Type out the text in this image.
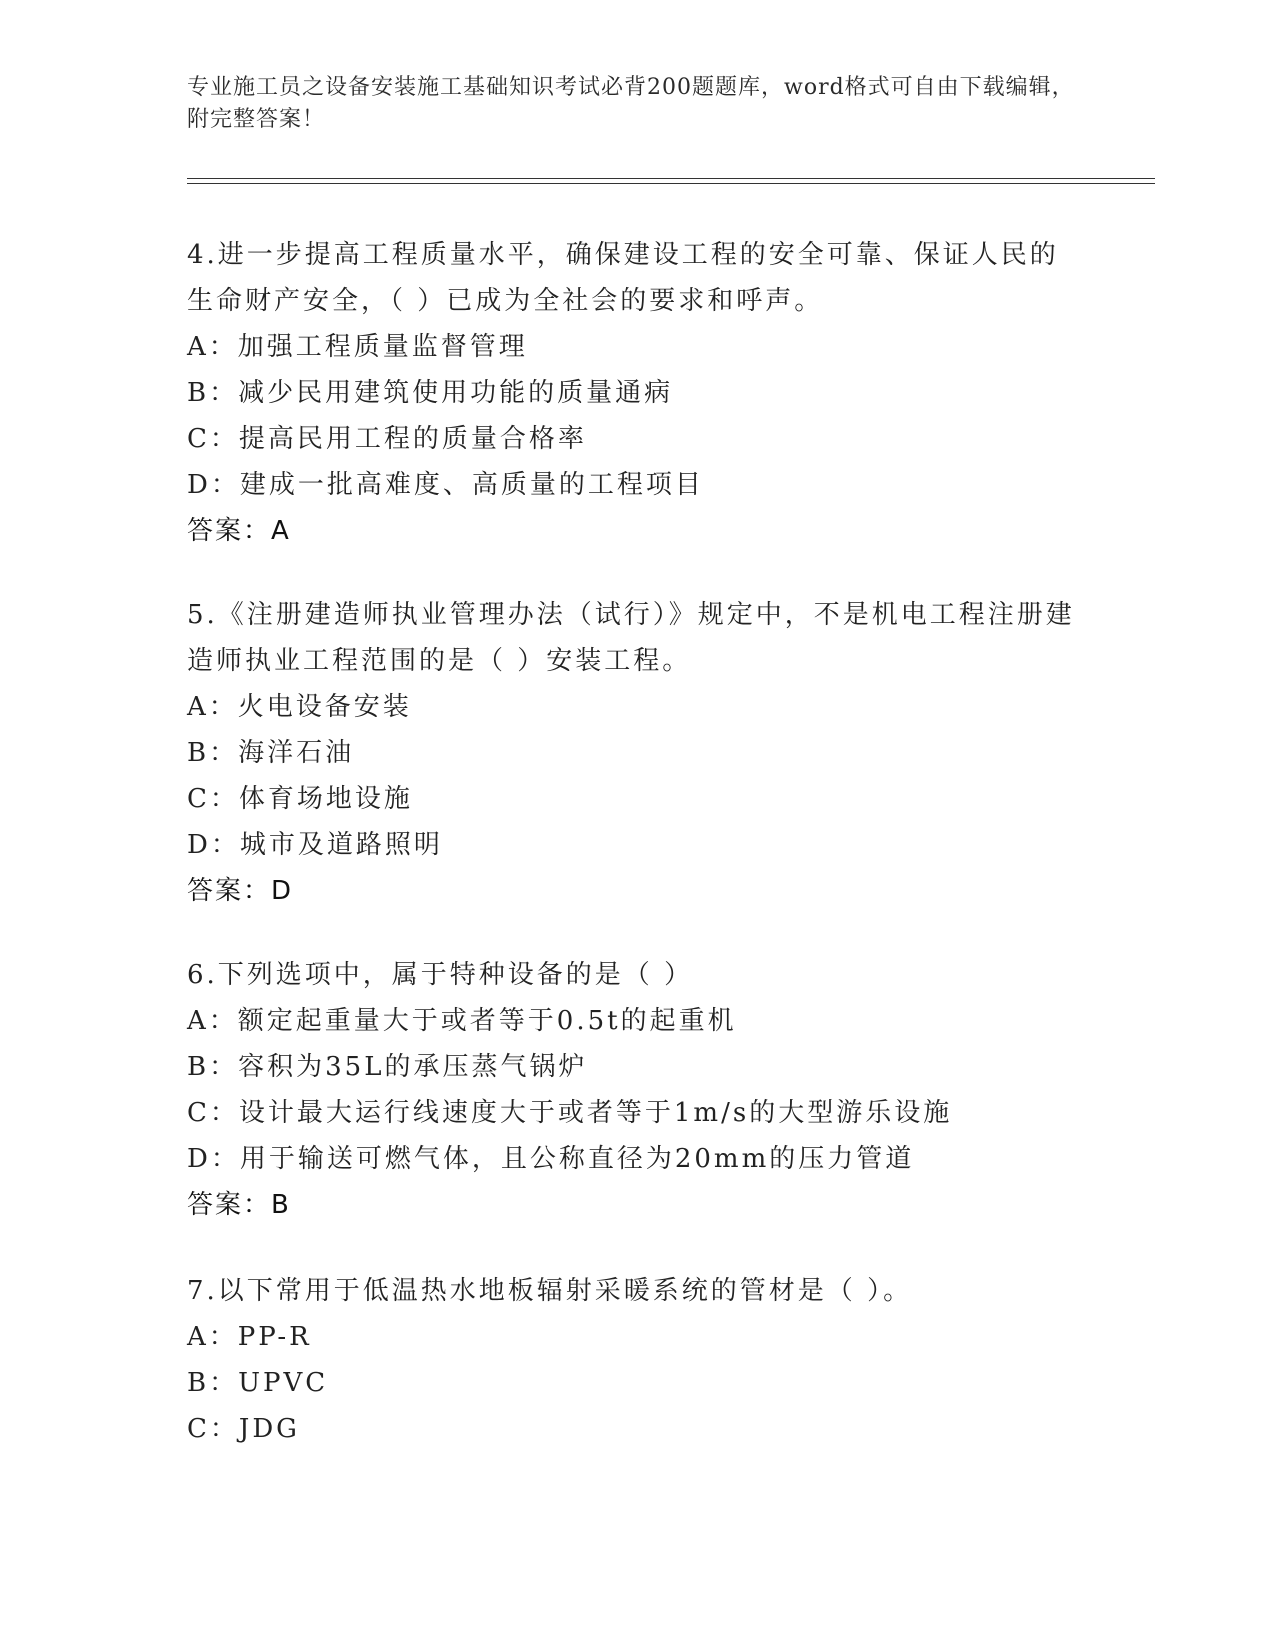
专业施工员之设备安装施工基础知识考试必背200题题库，word格式可自由下载编辑，附完整答案！

4.进一步提高工程质量水平，确保建设工程的安全可靠、保证人民的生命财产安全，（ ）已成为全社会的要求和呼声。

A：加强工程质量监督管理

B：减少民用建筑使用功能的质量通病

C：提高民用工程的质量合格率

D：建成一批高难度、高质量的工程项目

答案：A

5.《注册建造师执业管理办法（试行）》规定中，不是机电工程注册建造师执业工程范围的是（ ）安装工程。

A：火电设备安装

B：海洋石油

C：体育场地设施

D：城市及道路照明

答案：D

6.下列选项中，属于特种设备的是（ ）

A：额定起重量大于或者等于0.5t的起重机

B：容积为35L的承压蒸气锅炉

C：设计最大运行线速度大于或者等于1m/s的大型游乐设施

D：用于输送可燃气体，且公称直径为20mm的压力管道

答案：B

7.以下常用于低温热水地板辐射采暖系统的管材是（ ）。

A：PP-R

B：UPVC

C：JDG
